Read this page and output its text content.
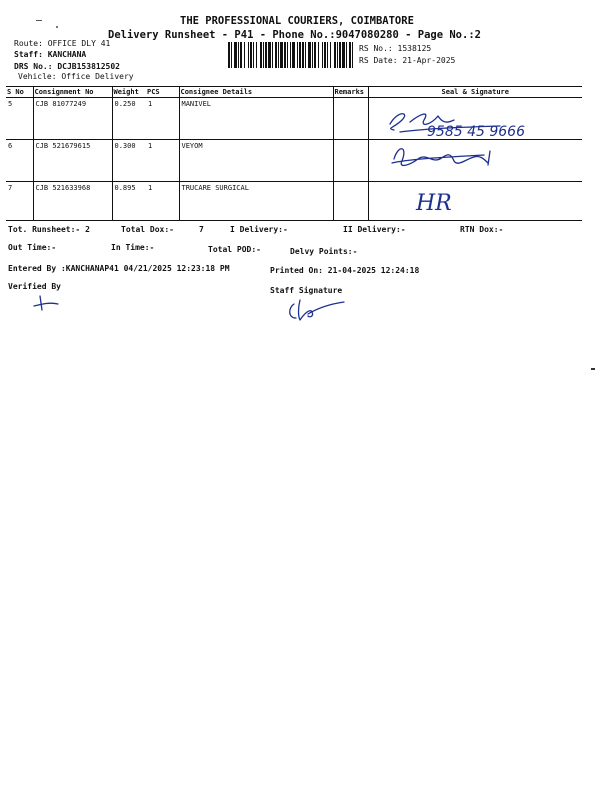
THE PROFESSIONAL COURIERS, COIMBATORE
Delivery Runsheet - P41 - Phone No.:9047080280 - Page No.:2
Route: OFFICE DLY 41
Staff: KANCHANA
DRS No.: DCJB153812502
Vehicle: Office Delivery
RS No.: 1538125
RS Date: 21-Apr-2025
S No	Consignment No	Weight	PCS	Consignee Details	Remarks	Seal & Signature
5	CJB 81077249	0.250	1	MANIVEL		
6	CJB 521679615	0.300	1	VEYOM		
7	CJB 521633968	0.895	1	TRUCARE SURGICAL		
9585 45 9666
HR
Tot. Runsheet:- 2	Total Dox:-	7	I Delivery:-	II Delivery:-	RTN Dox:-
Out Time:-	In Time:-	Total POD:-	Delvy Points:-
Entered By :KANCHANAP41 04/21/2025 12:23:18 PM	Printed On: 21-04-2025 12:24:18
Verified By	Staff Signature
